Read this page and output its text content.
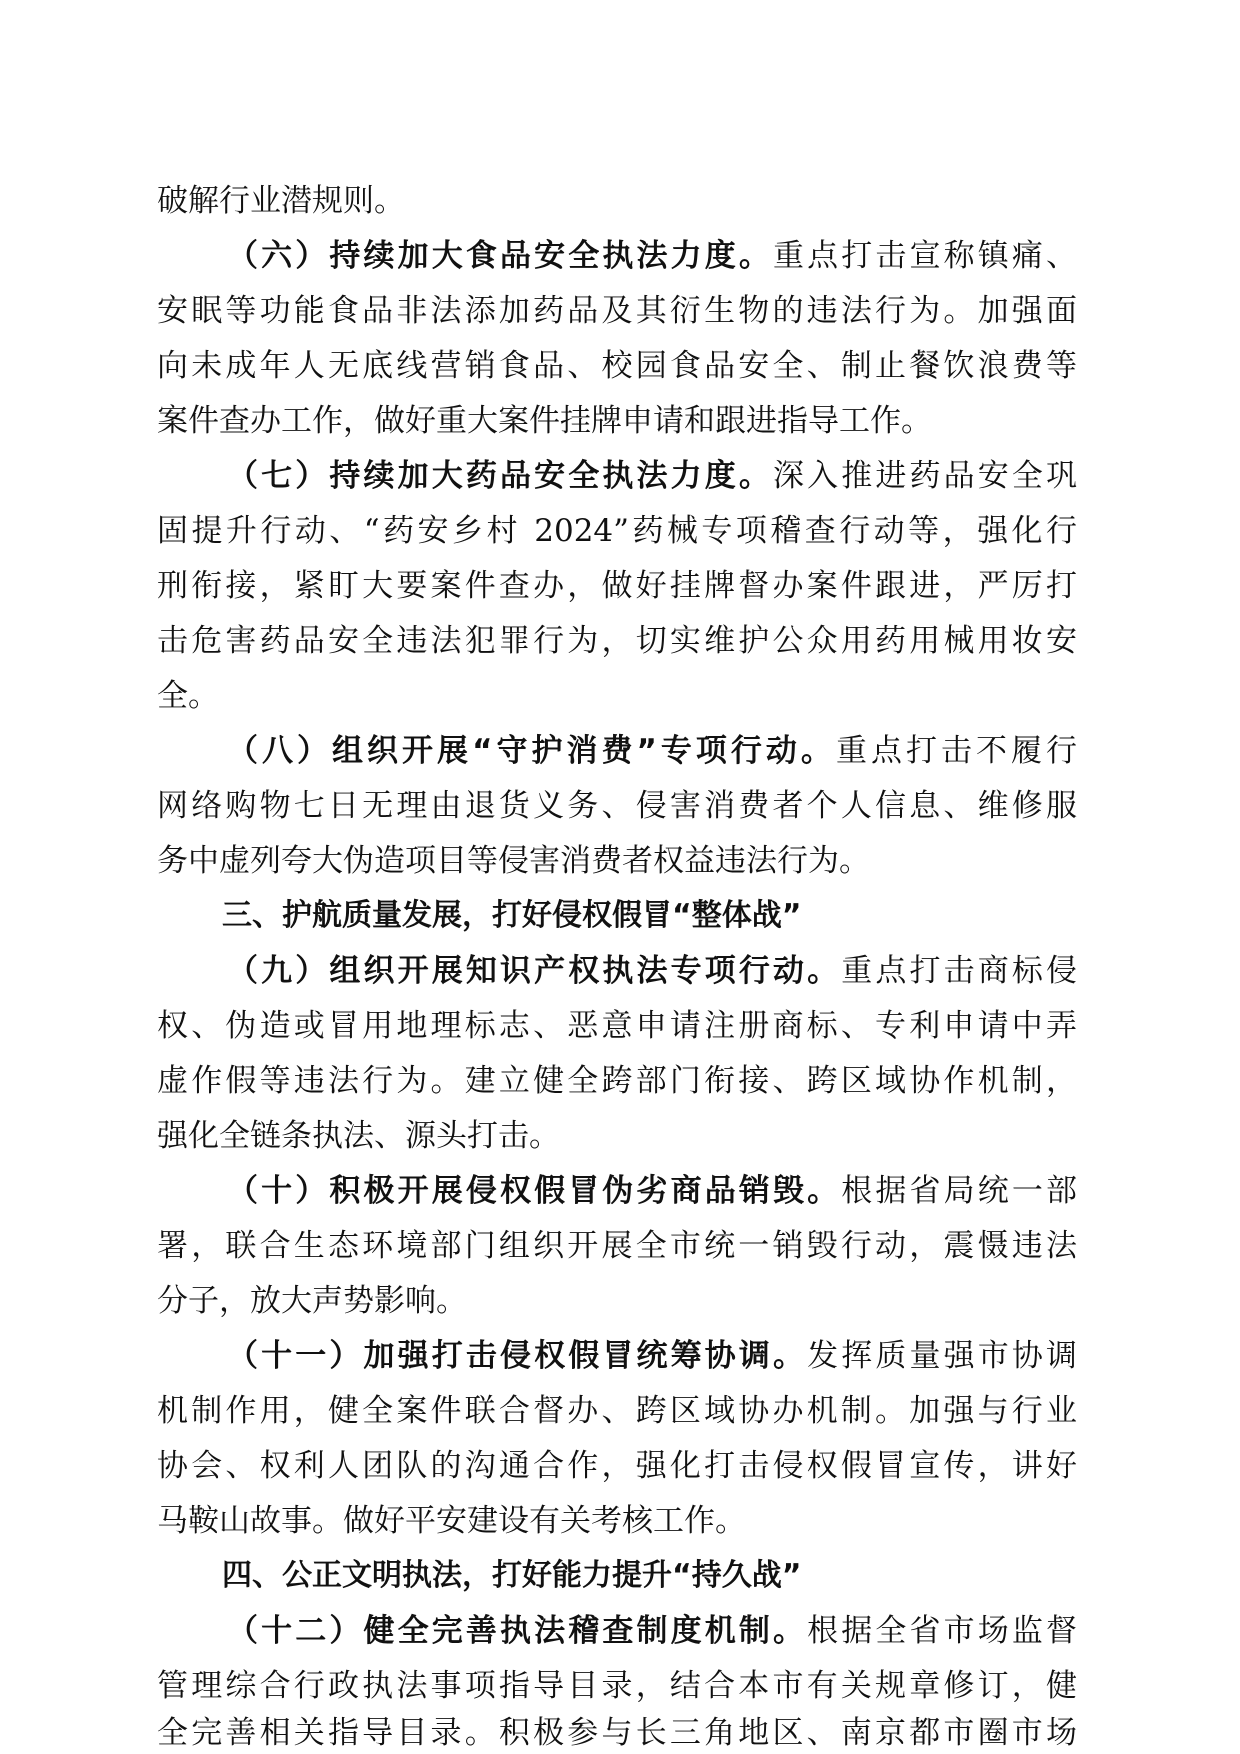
破解行业潜规则。
（六）持续加大食品安全执法力度。重点打击宣称镇痛、
安眠等功能食品非法添加药品及其衍生物的违法行为。加强面
向未成年人无底线营销食品、校园食品安全、制止餐饮浪费等
案件查办工作，做好重大案件挂牌申请和跟进指导工作。
（七）持续加大药品安全执法力度。深入推进药品安全巩
固提升行动、“药安乡村 2024”药械专项稽查行动等，强化行
刑衔接，紧盯大要案件查办，做好挂牌督办案件跟进，严厉打
击危害药品安全违法犯罪行为，切实维护公众用药用械用妆安
全。
（八）组织开展“守护消费”专项行动。重点打击不履行
网络购物七日无理由退货义务、侵害消费者个人信息、维修服
务中虚列夸大伪造项目等侵害消费者权益违法行为。
三、护航质量发展，打好侵权假冒“整体战”
（九）组织开展知识产权执法专项行动。重点打击商标侵
权、伪造或冒用地理标志、恶意申请注册商标、专利申请中弄
虚作假等违法行为。建立健全跨部门衔接、跨区域协作机制，
强化全链条执法、源头打击。
（十）积极开展侵权假冒伪劣商品销毁。根据省局统一部
署，联合生态环境部门组织开展全市统一销毁行动，震慑违法
分子，放大声势影响。
（十一）加强打击侵权假冒统筹协调。发挥质量强市协调
机制作用，健全案件联合督办、跨区域协办机制。加强与行业
协会、权利人团队的沟通合作，强化打击侵权假冒宣传，讲好
马鞍山故事。做好平安建设有关考核工作。
四、公正文明执法，打好能力提升“持久战”
（十二）健全完善执法稽查制度机制。根据全省市场监督
管理综合行政执法事项指导目录，结合本市有关规章修订，健
全完善相关指导目录。积极参与长三角地区、南京都市圈市场
